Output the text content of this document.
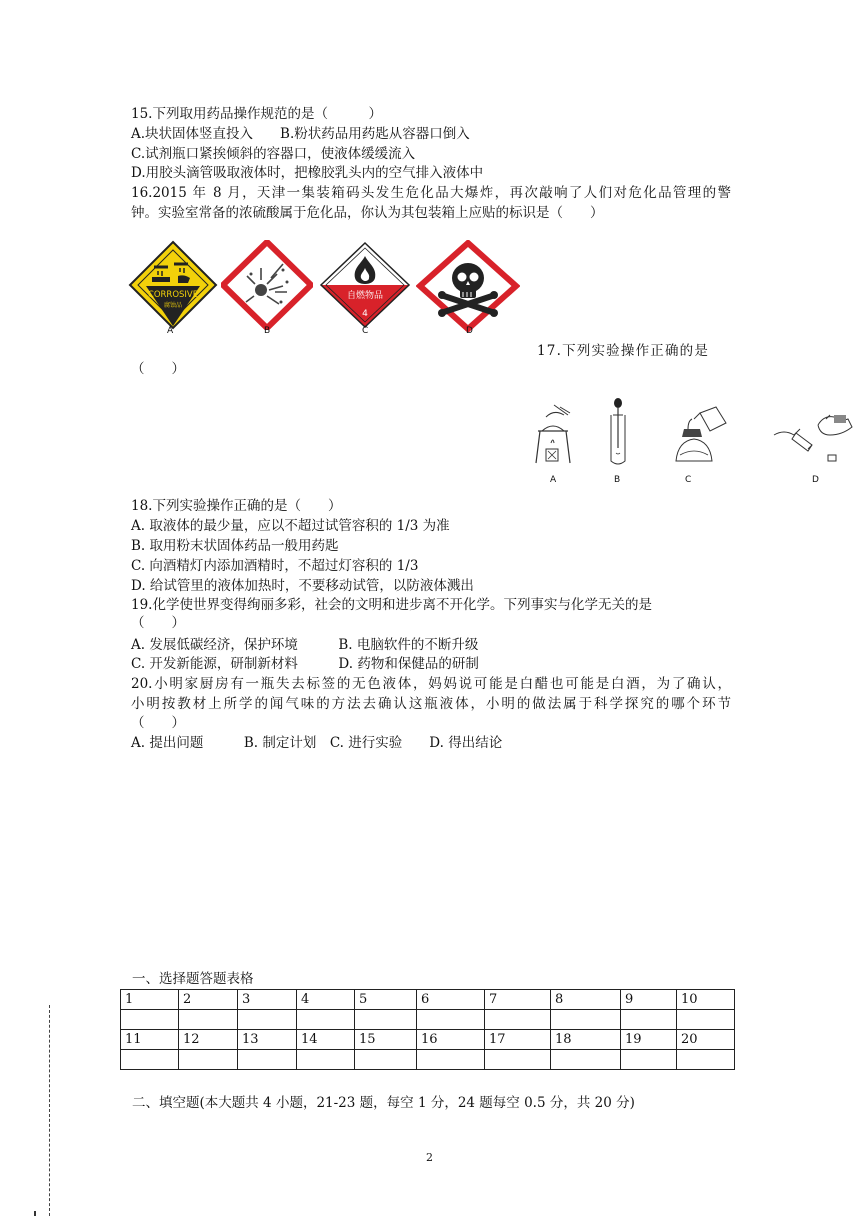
15.下列取用药品操作规范的是（　　　）
A.块状固体竖直投入　　B.粉状药品用药匙从容器口倒入
C.试剂瓶口紧挨倾斜的容器口，使液体缓缓流入
D.用胶头滴管吸取液体时，把橡胶乳头内的空气排入液体中
16.2015 年 8 月，天津一集装箱码头发生危化品大爆炸，再次敲响了人们对危化品管理的警
钟。实验室常备的浓硫酸属于危化品，你认为其包装箱上应贴的标识是（　　）
CORROSIVE
腐蚀品
A	B
自燃物品
4
C	D
17.下列实验操作正确的是
（　　）
A	B	C	D
18.下列实验操作正确的是（　　）
A. 取液体的最少量，应以不超过试管容积的 1/3 为准
B. 取用粉末状固体药品一般用药匙
C. 向酒精灯内添加酒精时，不超过灯容积的 1/3
D. 给试管里的液体加热时，不要移动试管，以防液体溅出
19.化学使世界变得绚丽多彩，社会的文明和进步离不开化学。下列事实与化学无关的是
（　　）
A. 发展低碳经济，保护环境　　　B. 电脑软件的不断升级
C. 开发新能源，研制新材料　　　D. 药物和保健品的研制
20.小明家厨房有一瓶失去标签的无色液体，妈妈说可能是白醋也可能是白酒，为了确认，
小明按教材上所学的闻气味的方法去确认这瓶液体，小明的做法属于科学探究的哪个环节
（　　）
A. 提出问题　　　B. 制定计划　C. 进行实验　　D. 得出结论
一、选择题答题表格
1	2	3	4	5	6	7	8	9	10

11	12	13	14	15	16	17	18	19	20

二、填空题(本大题共 4 小题，21-23 题，每空 1 分，24 题每空 0.5 分，共 20 分)
2
